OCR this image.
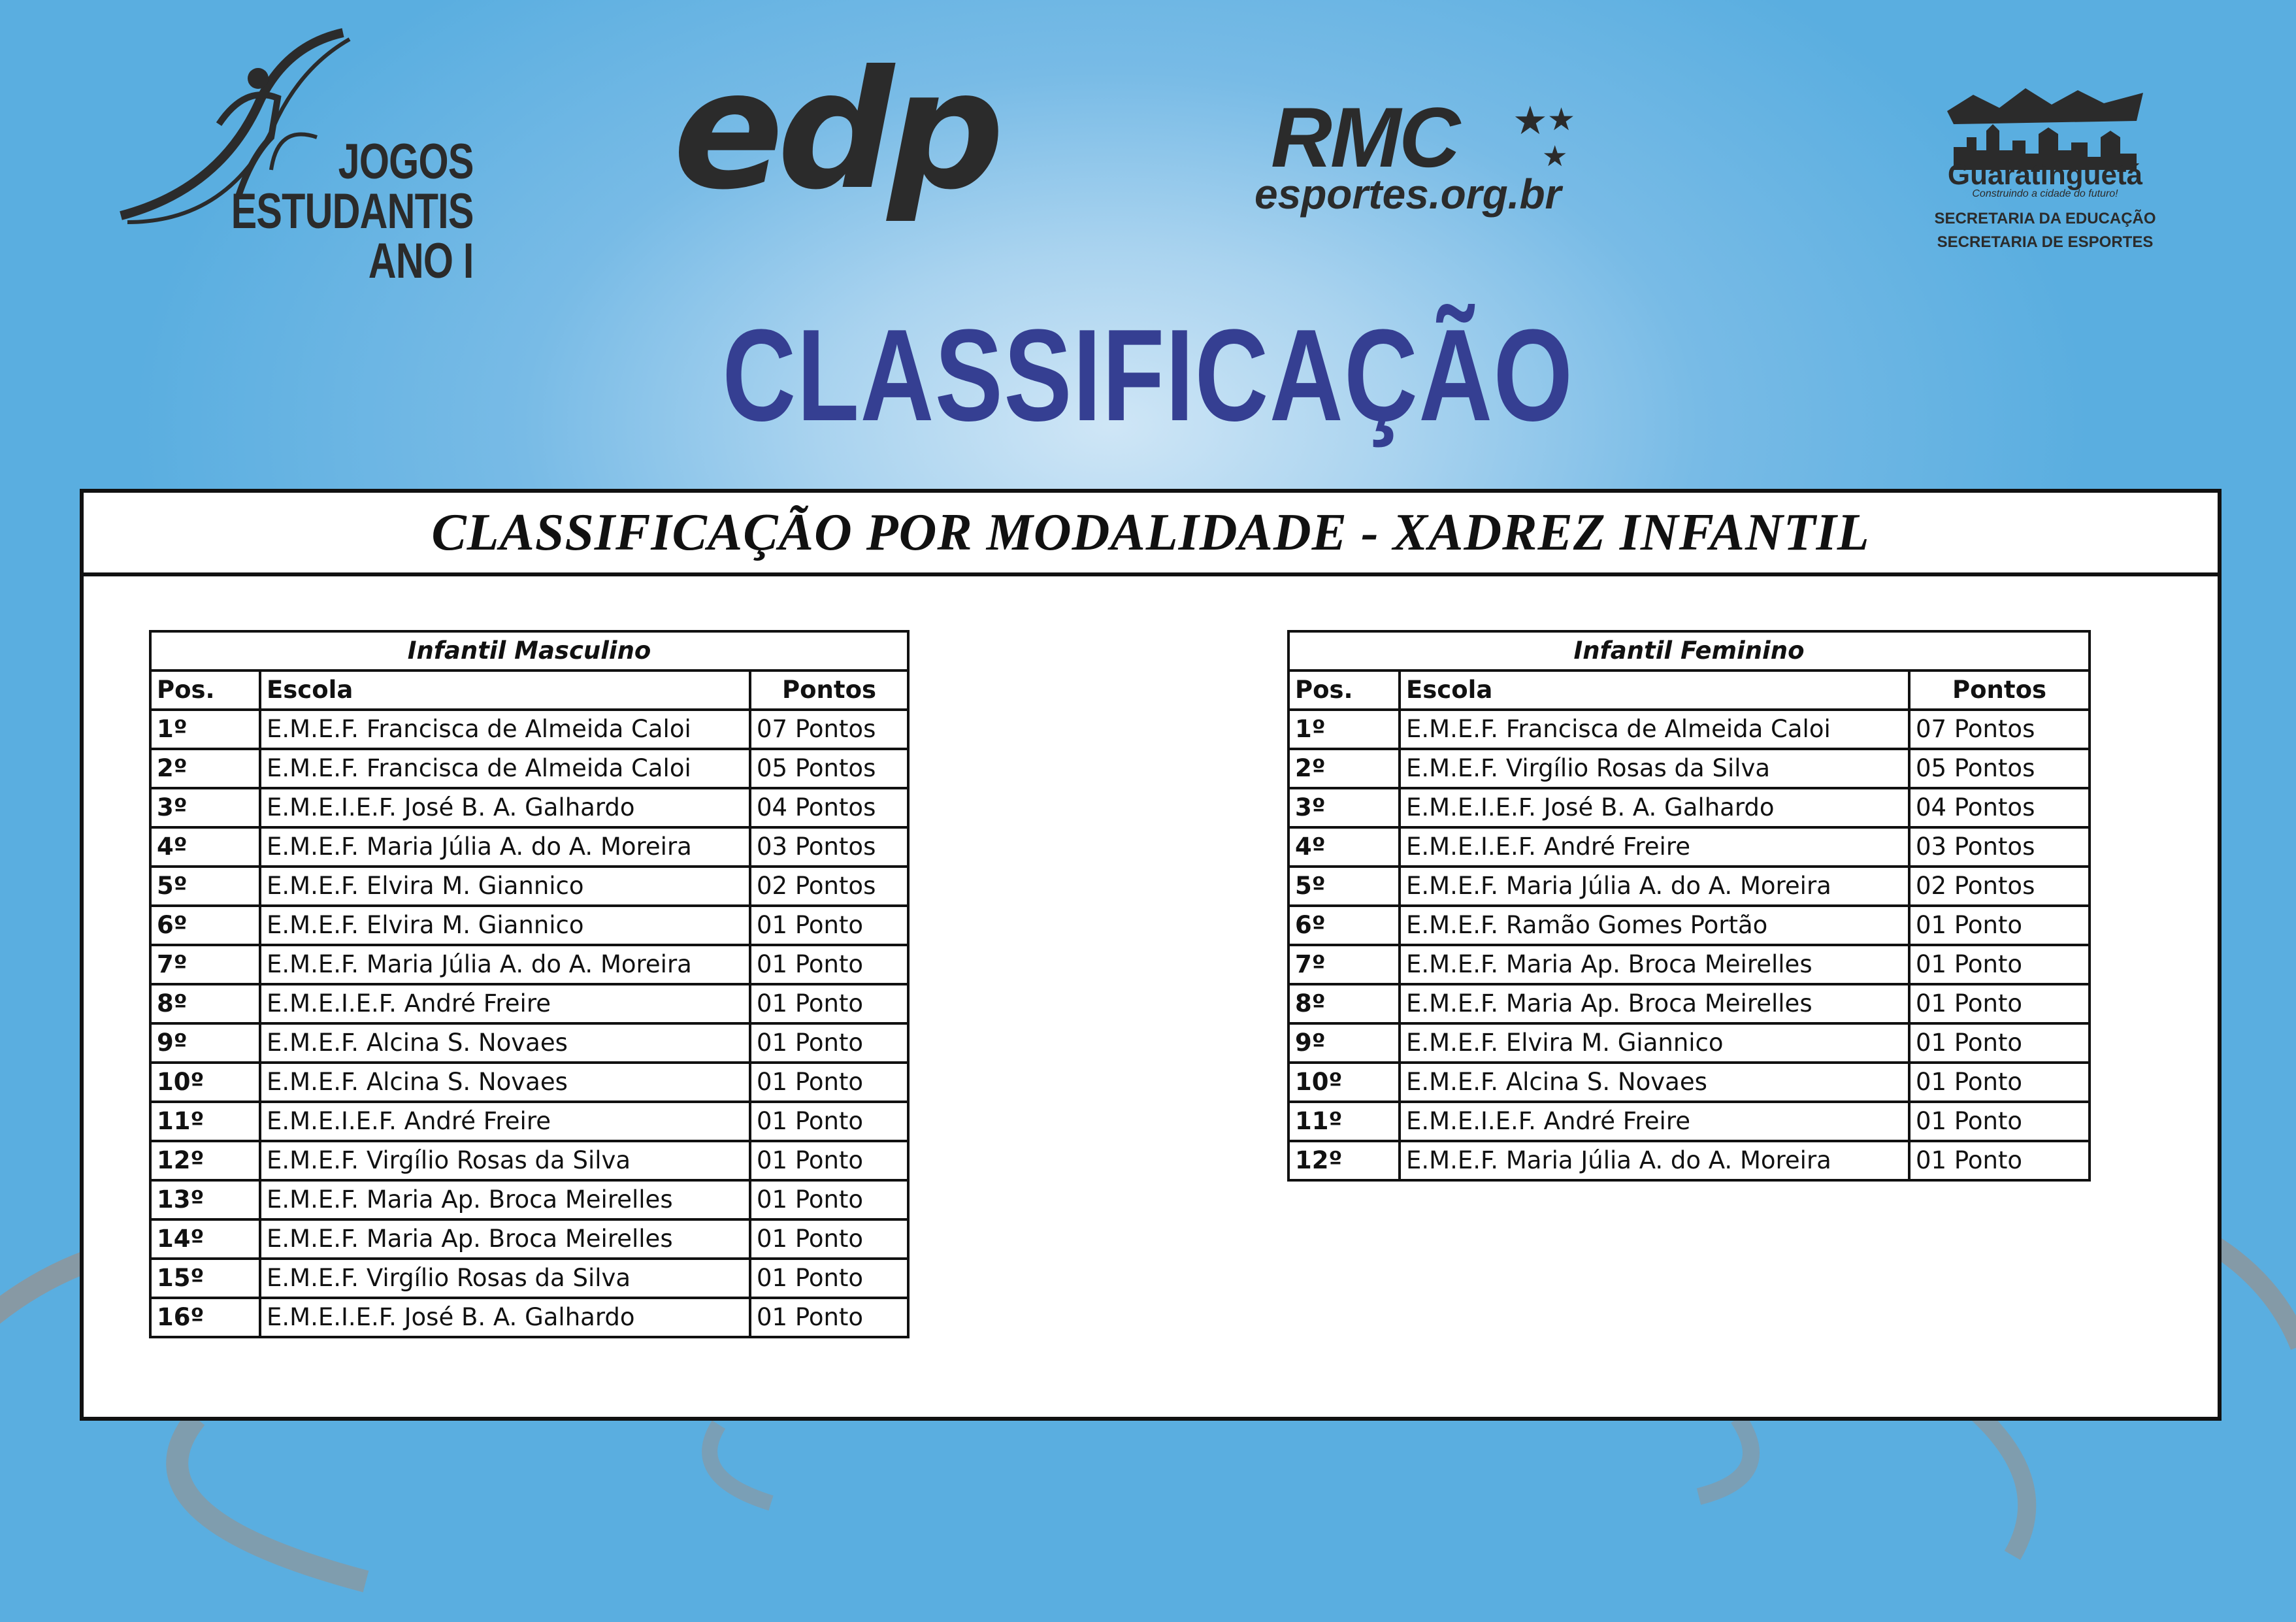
JOGOS
ESTUDANTIS
ANO I
edp	RMC ★ ★
★
esportes.org.br	Guaratinguetá
Construindo a cidade do futuro!
SECRETARIA DA EDUCAÇÃO
SECRETARIA DE ESPORTES
CLASSIFICAÇÃO
CLASSIFICAÇÃO POR MODALIDADE - XADREZ INFANTIL
Infantil Masculino		
Pos.	Escola	Pontos
1º	E.M.E.F. Francisca de Almeida Caloi	07 Pontos
2º	E.M.E.F. Francisca de Almeida Caloi	05 Pontos
3º	E.M.E.I.E.F. José B. A. Galhardo	04 Pontos
4º	E.M.E.F. Maria Júlia A. do A. Moreira	03 Pontos
5º	E.M.E.F. Elvira M. Giannico	02 Pontos
6º	E.M.E.F. Elvira M. Giannico	01 Ponto
7º	E.M.E.F. Maria Júlia A. do A. Moreira	01 Ponto
8º	E.M.E.I.E.F. André Freire	01 Ponto
9º	E.M.E.F. Alcina S. Novaes	01 Ponto
10º	E.M.E.F. Alcina S. Novaes	01 Ponto
11º	E.M.E.I.E.F. André Freire	01 Ponto
12º	E.M.E.F. Virgílio Rosas da Silva	01 Ponto
13º	E.M.E.F. Maria Ap. Broca Meirelles	01 Ponto
14º	E.M.E.F. Maria Ap. Broca Meirelles	01 Ponto
15º	E.M.E.F. Virgílio Rosas da Silva	01 Ponto
16º	E.M.E.I.E.F. José B. A. Galhardo	01 Ponto
Infantil Feminino		
Pos.	Escola	Pontos
1º	E.M.E.F. Francisca de Almeida Caloi	07 Pontos
2º	E.M.E.F. Virgílio Rosas da Silva	05 Pontos
3º	E.M.E.I.E.F. José B. A. Galhardo	04 Pontos
4º	E.M.E.I.E.F. André Freire	03 Pontos
5º	E.M.E.F. Maria Júlia A. do A. Moreira	02 Pontos
6º	E.M.E.F. Ramão Gomes Portão	01 Ponto
7º	E.M.E.F. Maria Ap. Broca Meirelles	01 Ponto
8º	E.M.E.F. Maria Ap. Broca Meirelles	01 Ponto
9º	E.M.E.F. Elvira M. Giannico	01 Ponto
10º	E.M.E.F. Alcina S. Novaes	01 Ponto
11º	E.M.E.I.E.F. André Freire	01 Ponto
12º	E.M.E.F. Maria Júlia A. do A. Moreira	01 Ponto
